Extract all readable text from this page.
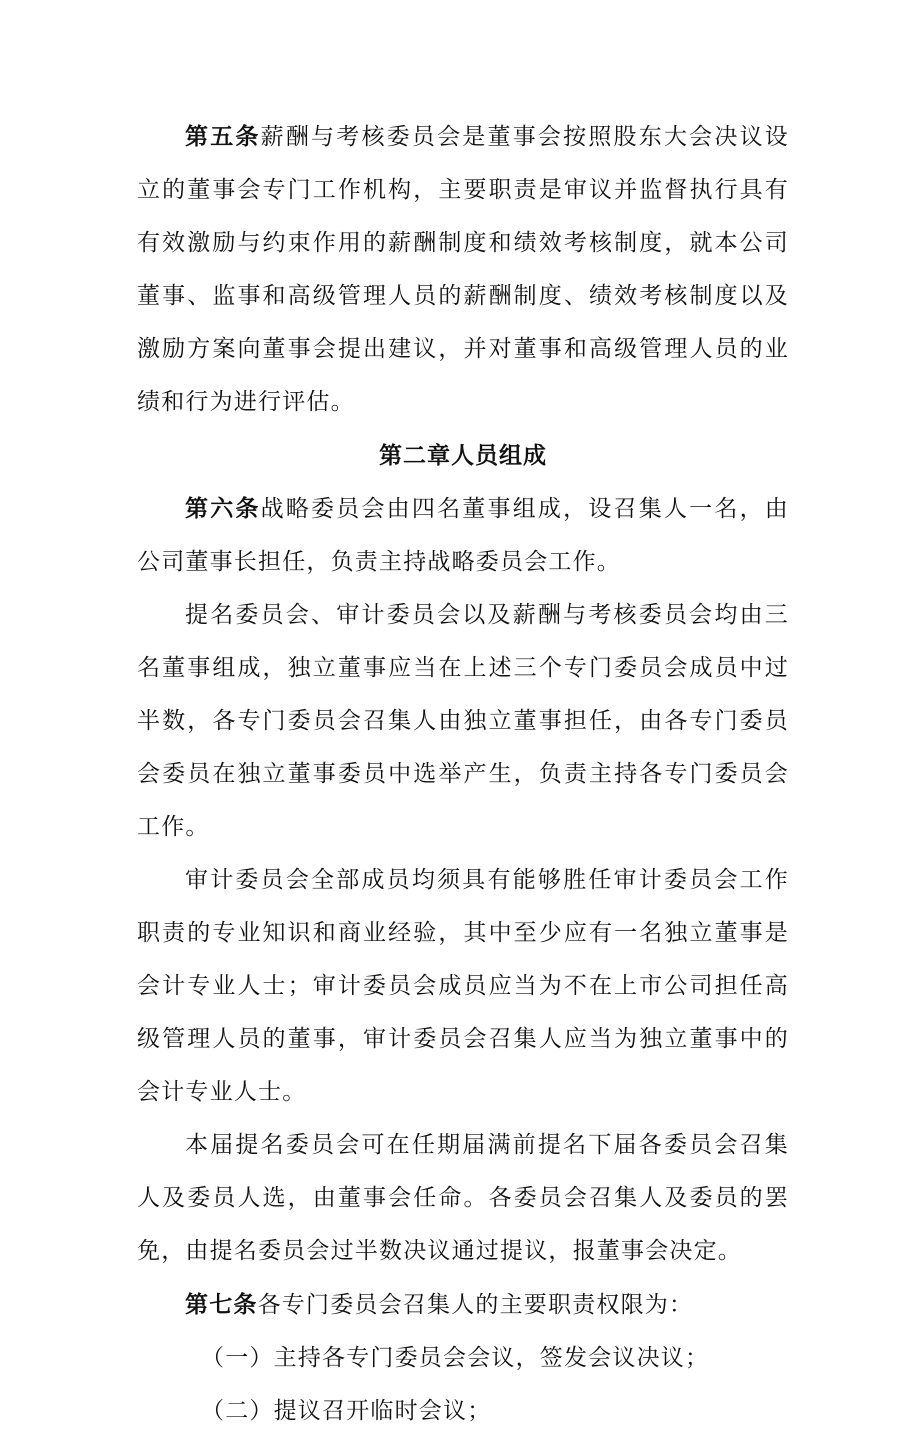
第五条薪酬与考核委员会是董事会按照股东大会决议设立的董事会专门工作机构，主要职责是审议并监督执行具有有效激励与约束作用的薪酬制度和绩效考核制度，就本公司董事、监事和高级管理人员的薪酬制度、绩效考核制度以及激励方案向董事会提出建议，并对董事和高级管理人员的业绩和行为进行评估。

第二章人员组成

第六条战略委员会由四名董事组成，设召集人一名，由公司董事长担任，负责主持战略委员会工作。

提名委员会、审计委员会以及薪酬与考核委员会均由三名董事组成，独立董事应当在上述三个专门委员会成员中过半数，各专门委员会召集人由独立董事担任，由各专门委员会委员在独立董事委员中选举产生，负责主持各专门委员会工作。

审计委员会全部成员均须具有能够胜任审计委员会工作职责的专业知识和商业经验，其中至少应有一名独立董事是会计专业人士；审计委员会成员应当为不在上市公司担任高级管理人员的董事，审计委员会召集人应当为独立董事中的会计专业人士。

本届提名委员会可在任期届满前提名下届各委员会召集人及委员人选，由董事会任命。各委员会召集人及委员的罢免，由提名委员会过半数决议通过提议，报董事会决定。

第七条各专门委员会召集人的主要职责权限为：

（一）主持各专门委员会会议，签发会议决议；

（二）提议召开临时会议；
